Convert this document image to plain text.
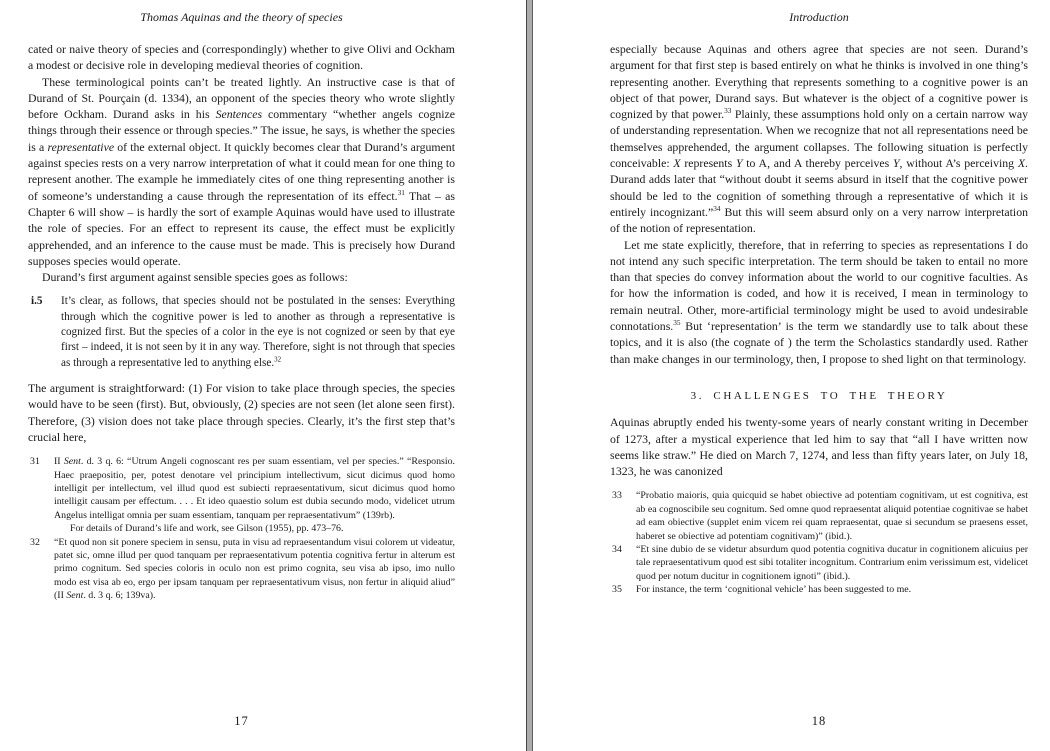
Thomas Aquinas and the theory of species

cated or naive theory of species and (correspondingly) whether to give Olivi and Ockham a modest or decisive role in developing medieval theories of cognition.

These terminological points can’t be treated lightly. An instructive case is that of Durand of St. Pourçain (d. 1334), an opponent of the species theory who wrote slightly before Ockham. Durand asks in his Sentences commentary “whether angels cognize things through their essence or through species.” The issue, he says, is whether the species is a representative of the external object. It quickly becomes clear that Durand’s argument against species rests on a very narrow interpretation of what it could mean for one thing to represent another. The example he immediately cites of one thing representing another is of someone’s understanding a cause through the representation of its effect.$^{31}$ That – as Chapter 6 will show – is hardly the sort of example Aquinas would have used to illustrate the role of species. For an effect to represent its cause, the effect must be explicitly apprehended, and an inference to the cause must be made. This is precisely how Durand supposes species would operate.

Durand’s first argument against sensible species goes as follows:

i.5 It’s clear, as follows, that species should not be postulated in the senses: Everything through which the cognitive power is led to another as through a representative is cognized first. But the species of a color in the eye is not cognized or seen by that eye first – indeed, it is not seen by it in any way. Therefore, sight is not through that species as through a representative led to anything else.$^{32}$

The argument is straightforward: (1) For vision to take place through species, the species would have to be seen (first). But, obviously, (2) species are not seen (let alone seen first). Therefore, (3) vision does not take place through species. Clearly, it’s the first step that’s crucial here,

31 II Sent. d. 3 q. 6: “Utrum Angeli cognoscant res per suam essentiam, vel per species.” “Responsio. Haec praepositio, per, potest denotare vel principium intellectivum, sicut dicimus quod homo intelligit per intellectum, vel illud quod est subiecti repraesentativum, sicut dicimus quod homo intelligit causam per effectum. . . . Et ideo quaestio solum est dubia secundo modo, videlicet utrum Angelus intelligat omnia per suam essentiam, tanquam per repraesentativum” (139rb).
For details of Durand’s life and work, see Gilson (1955), pp. 473–76.
32 “Et quod non sit ponere speciem in sensu, puta in visu ad repraesentandum visui colorem ut videatur, patet sic, omne illud per quod tanquam per repraesentativum potentia cognitiva fertur in alterum est primo cognitum. Sed species coloris in oculo non est primo cognita, seu visa ab ipso, imo nullo modo est visa ab eo, ergo per ipsam tanquam per repraesentativum visus, non fertur in aliquid aliud” (II Sent. d. 3 q. 6; 139va).
17
Introduction

especially because Aquinas and others agree that species are not seen. Durand’s argument for that first step is based entirely on what he thinks is involved in one thing’s representing another. Everything that represents something to a cognitive power is an object of that power, Durand says. But whatever is the object of a cognitive power is cognized by that power.$^{33}$ Plainly, these assumptions hold only on a certain narrow way of understanding representation. When we recognize that not all representations need be themselves apprehended, the argument collapses. The following situation is perfectly conceivable: X represents Y to A, and A thereby perceives Y, without A’s perceiving X. Durand adds later that “without doubt it seems absurd in itself that the cognitive power should be led to the cognition of something through a representative of which it is entirely incognizant.”$^{34}$ But this will seem absurd only on a very narrow interpretation of the notion of representation.

Let me state explicitly, therefore, that in referring to species as representations I do not intend any such specific interpretation. The term should be taken to entail no more than that species do convey information about the world to our cognitive faculties. As for how the information is coded, and how it is received, I mean in terminology to remain neutral. Other, more-artificial terminology might be used to avoid undesirable connotations.$^{35}$ But ‘representation’ is the term we standardly use to talk about these topics, and it is also (the cognate of ) the term the Scholastics standardly used. Rather than make changes in our terminology, then, I propose to shed light on that terminology.

3. CHALLENGES TO THE THEORY

Aquinas abruptly ended his twenty-some years of nearly constant writing in December of 1273, after a mystical experience that led him to say that “all I have written now seems like straw.” He died on March 7, 1274, and less than fifty years later, on July 18, 1323, he was canonized

33 “Probatio maioris, quia quicquid se habet obiective ad potentiam cognitivam, ut est cognitiva, est ab ea cognoscibile seu cognitum. Sed omne quod repraesentat aliquid potentiae cognitivae se habet ad eam obiective (supplet enim vicem rei quam repraesentat, quae si secundum se praesens esset, haberet se obiective ad potentiam cognitivam)” (ibid.).
34 “Et sine dubio de se videtur absurdum quod potentia cognitiva ducatur in cognitionem alicuius per tale repraesentativum quod est sibi totaliter incognitum. Contrarium enim verissimum est, videlicet quod per notum ducitur in cognitionem ignoti” (ibid.).
35 For instance, the term ‘cognitional vehicle’ has been suggested to me.
18
